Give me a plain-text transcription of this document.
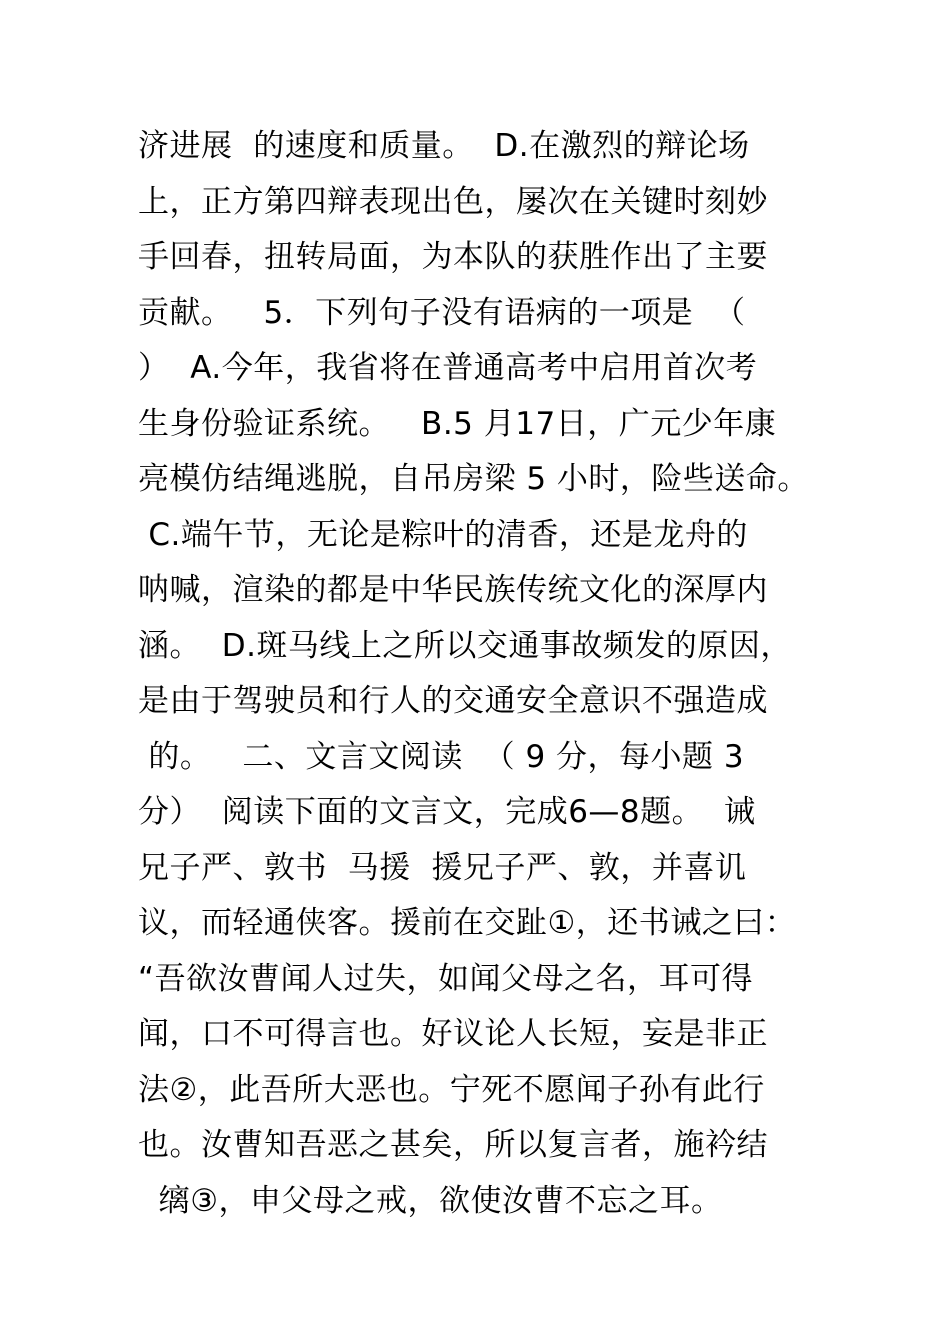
济进展  的速度和质量。  D.在激烈的辩论场
上，正方第四辩表现出色，屡次在关键时刻妙
手回春，扭转局面，为本队的获胜作出了主要
贡献。   5．下列句子没有语病的一项是  （
）  A.今年，我省将在普通高考中启用首次考
生身份验证系统。   B.5 月17日，广元少年康
亮模仿结绳逃脱，自吊房梁 5 小时，险些送命。
C.端午节，无论是粽叶的清香，还是龙舟的
呐喊，渲染的都是中华民族传统文化的深厚内
涵。  D.斑马线上之所以交通事故频发的原因，
是由于驾驶员和行人的交通安全意识不强造成
的。   二、文言文阅读  （ 9 分，每小题 3
分）  阅读下面的文言文，完成6—8题。  诫
兄子严、敦书  马援  援兄子严、敦，并喜讥
议，而轻通侠客。援前在交趾①，还书诫之曰：
“吾欲汝曹闻人过失，如闻父母之名，耳可得
闻，口不可得言也。好议论人长短，妄是非正
法②，此吾所大恶也。宁死不愿闻子孙有此行
也。汝曹知吾恶之甚矣，所以复言者，施衿结
缡③，申父母之戒，欲使汝曹不忘之耳。
